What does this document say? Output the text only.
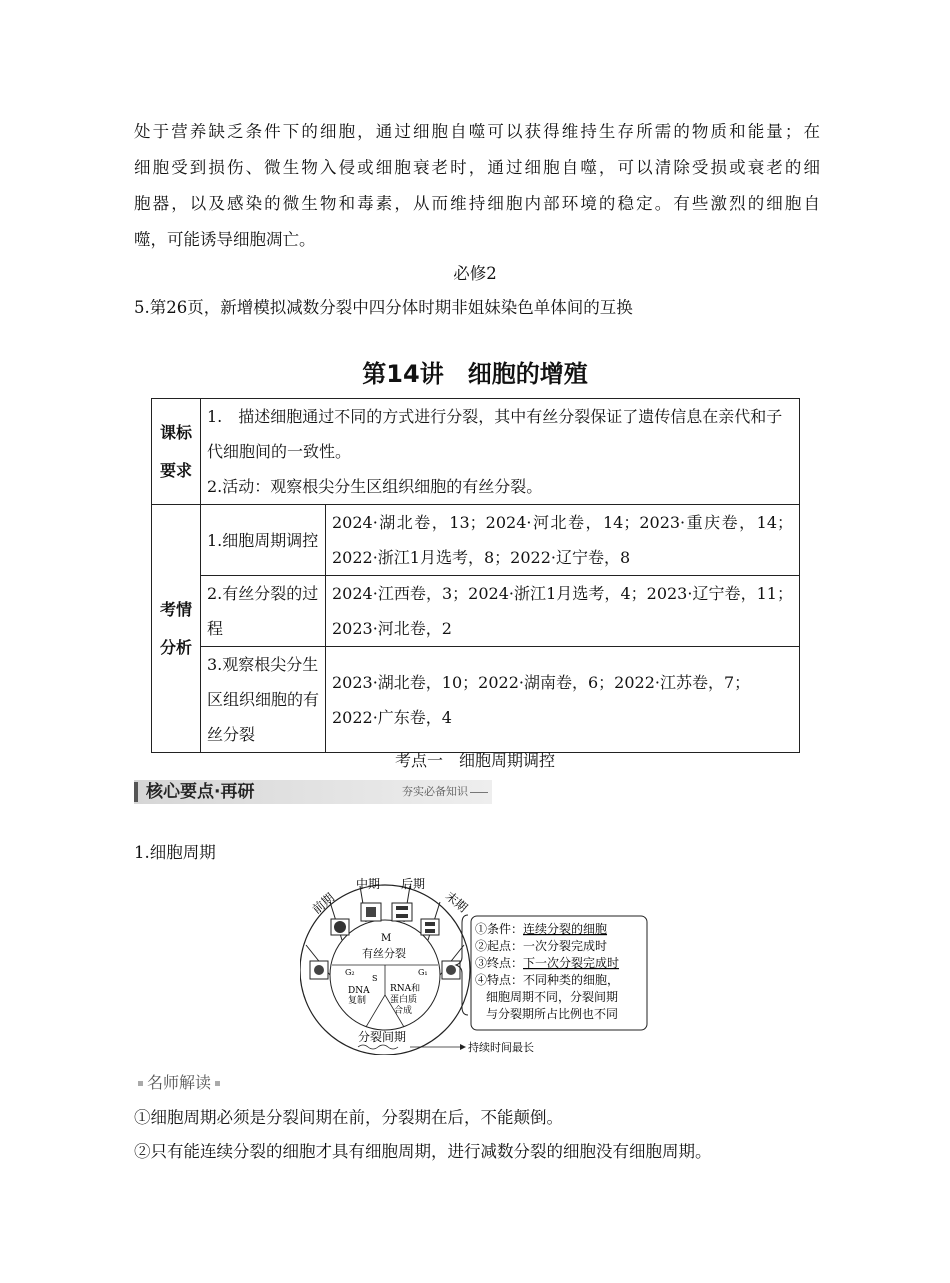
处于营养缺乏条件下的细胞，通过细胞自噬可以获得维持生存所需的物质和能量；在
细胞受到损伤、微生物入侵或细胞衰老时，通过细胞自噬，可以清除受损或衰老的细
胞器，以及感染的微生物和毒素，从而维持细胞内部环境的稳定。有些激烈的细胞自
噬，可能诱导细胞凋亡。
必修2
5.第26页，新增模拟减数分裂中四分体时期非姐妹染色单体间的互换
第14讲　细胞的增殖
课标要求	1.　描述细胞通过不同的方式进行分裂，其中有丝分裂保证了遗传信息在亲代和子代细胞间的一致性。
2.活动：观察根尖分生区组织细胞的有丝分裂。	

考情分析	1.细胞周期调控	2024·湖北卷，13；2024·河北卷，14；2023·重庆卷，14；2022·浙江1月选考，8；2022·辽宁卷，8
	2.有丝分裂的过程	2024·江西卷，3；2024·浙江1月选考，4；2023·辽宁卷，11；2023·河北卷，2
	3.观察根尖分生区组织细胞的有丝分裂	2023·湖北卷，10；2022·湖南卷，6；2022·江苏卷，7；2022·广东卷，4
考点一　细胞周期调控
核心要点·再研	夯实必备知识
1.细胞周期
前期
中期 后期
末期
M
有丝分裂
G₂	G₁
S
DNA
复制
RNA和
蛋白质
合成
分裂间期
持续时间最长
①条件：连续分裂的细胞
②起点：一次分裂完成时
③终点：下一次分裂完成时
④特点：不同种类的细胞，
细胞周期不同，分裂间期
与分裂期所占比例也不同
名师解读
①细胞周期必须是分裂间期在前，分裂期在后，不能颠倒。
②只有能连续分裂的细胞才具有细胞周期，进行减数分裂的细胞没有细胞周期。
